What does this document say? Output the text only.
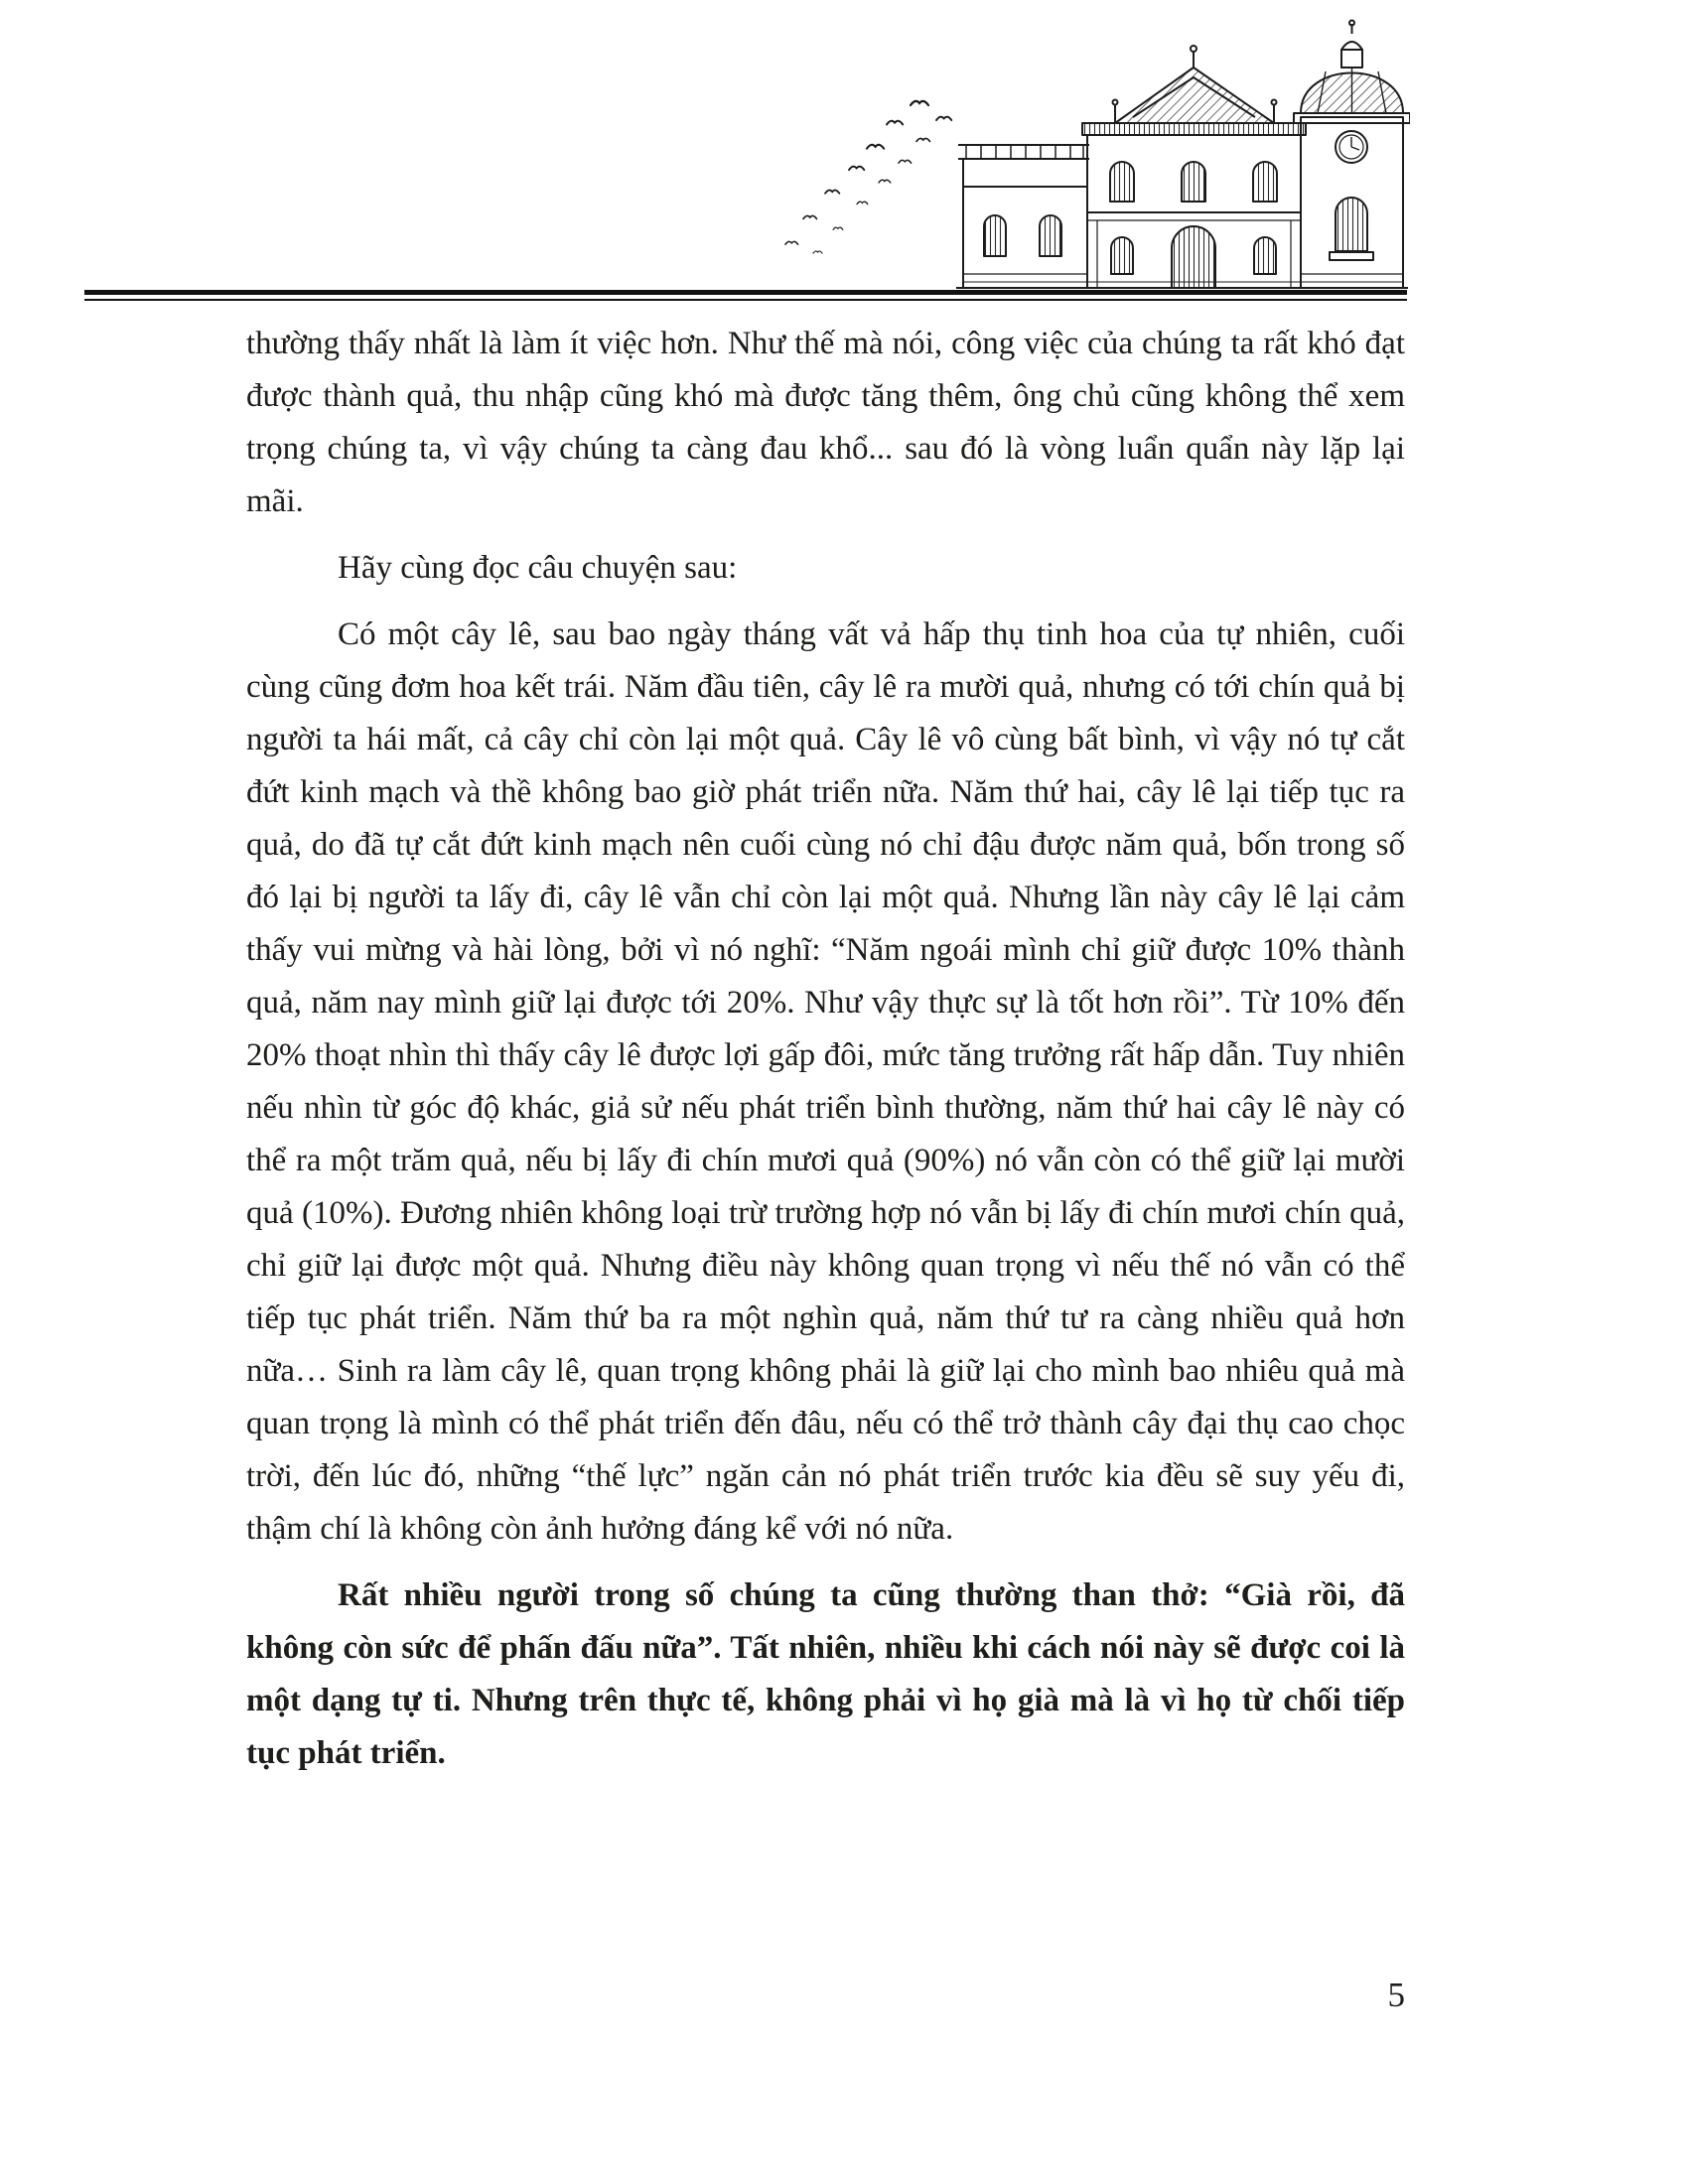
thường thấy nhất là làm ít việc hơn. Như thế mà nói, công việc của chúng ta rất khó đạt được thành quả, thu nhập cũng khó mà được tăng thêm, ông chủ cũng không thể xem trọng chúng ta, vì vậy chúng ta càng đau khổ... sau đó là vòng luẩn quẩn này lặp lại mãi.

Hãy cùng đọc câu chuyện sau:

Có một cây lê, sau bao ngày tháng vất vả hấp thụ tinh hoa của tự nhiên, cuối cùng cũng đơm hoa kết trái. Năm đầu tiên, cây lê ra mười quả, nhưng có tới chín quả bị người ta hái mất, cả cây chỉ còn lại một quả. Cây lê vô cùng bất bình, vì vậy nó tự cắt đứt kinh mạch và thề không bao giờ phát triển nữa. Năm thứ hai, cây lê lại tiếp tục ra quả, do đã tự cắt đứt kinh mạch nên cuối cùng nó chỉ đậu được năm quả, bốn trong số đó lại bị người ta lấy đi, cây lê vẫn chỉ còn lại một quả. Nhưng lần này cây lê lại cảm thấy vui mừng và hài lòng, bởi vì nó nghĩ: “Năm ngoái mình chỉ giữ được 10% thành quả, năm nay mình giữ lại được tới 20%. Như vậy thực sự là tốt hơn rồi”. Từ 10% đến 20% thoạt nhìn thì thấy cây lê được lợi gấp đôi, mức tăng trưởng rất hấp dẫn. Tuy nhiên nếu nhìn từ góc độ khác, giả sử nếu phát triển bình thường, năm thứ hai cây lê này có thể ra một trăm quả, nếu bị lấy đi chín mươi quả (90%) nó vẫn còn có thể giữ lại mười quả (10%). Đương nhiên không loại trừ trường hợp nó vẫn bị lấy đi chín mươi chín quả, chỉ giữ lại được một quả. Nhưng điều này không quan trọng vì nếu thế nó vẫn có thể tiếp tục phát triển. Năm thứ ba ra một nghìn quả, năm thứ tư ra càng nhiều quả hơn nữa… Sinh ra làm cây lê, quan trọng không phải là giữ lại cho mình bao nhiêu quả mà quan trọng là mình có thể phát triển đến đâu, nếu có thể trở thành cây đại thụ cao chọc trời, đến lúc đó, những “thế lực” ngăn cản nó phát triển trước kia đều sẽ suy yếu đi, thậm chí là không còn ảnh hưởng đáng kể với nó nữa.

Rất nhiều người trong số chúng ta cũng thường than thở: “Già rồi, đã không còn sức để phấn đấu nữa”. Tất nhiên, nhiều khi cách nói này sẽ được coi là một dạng tự ti. Nhưng trên thực tế, không phải vì họ già mà là vì họ từ chối tiếp tục phát triển.

5
